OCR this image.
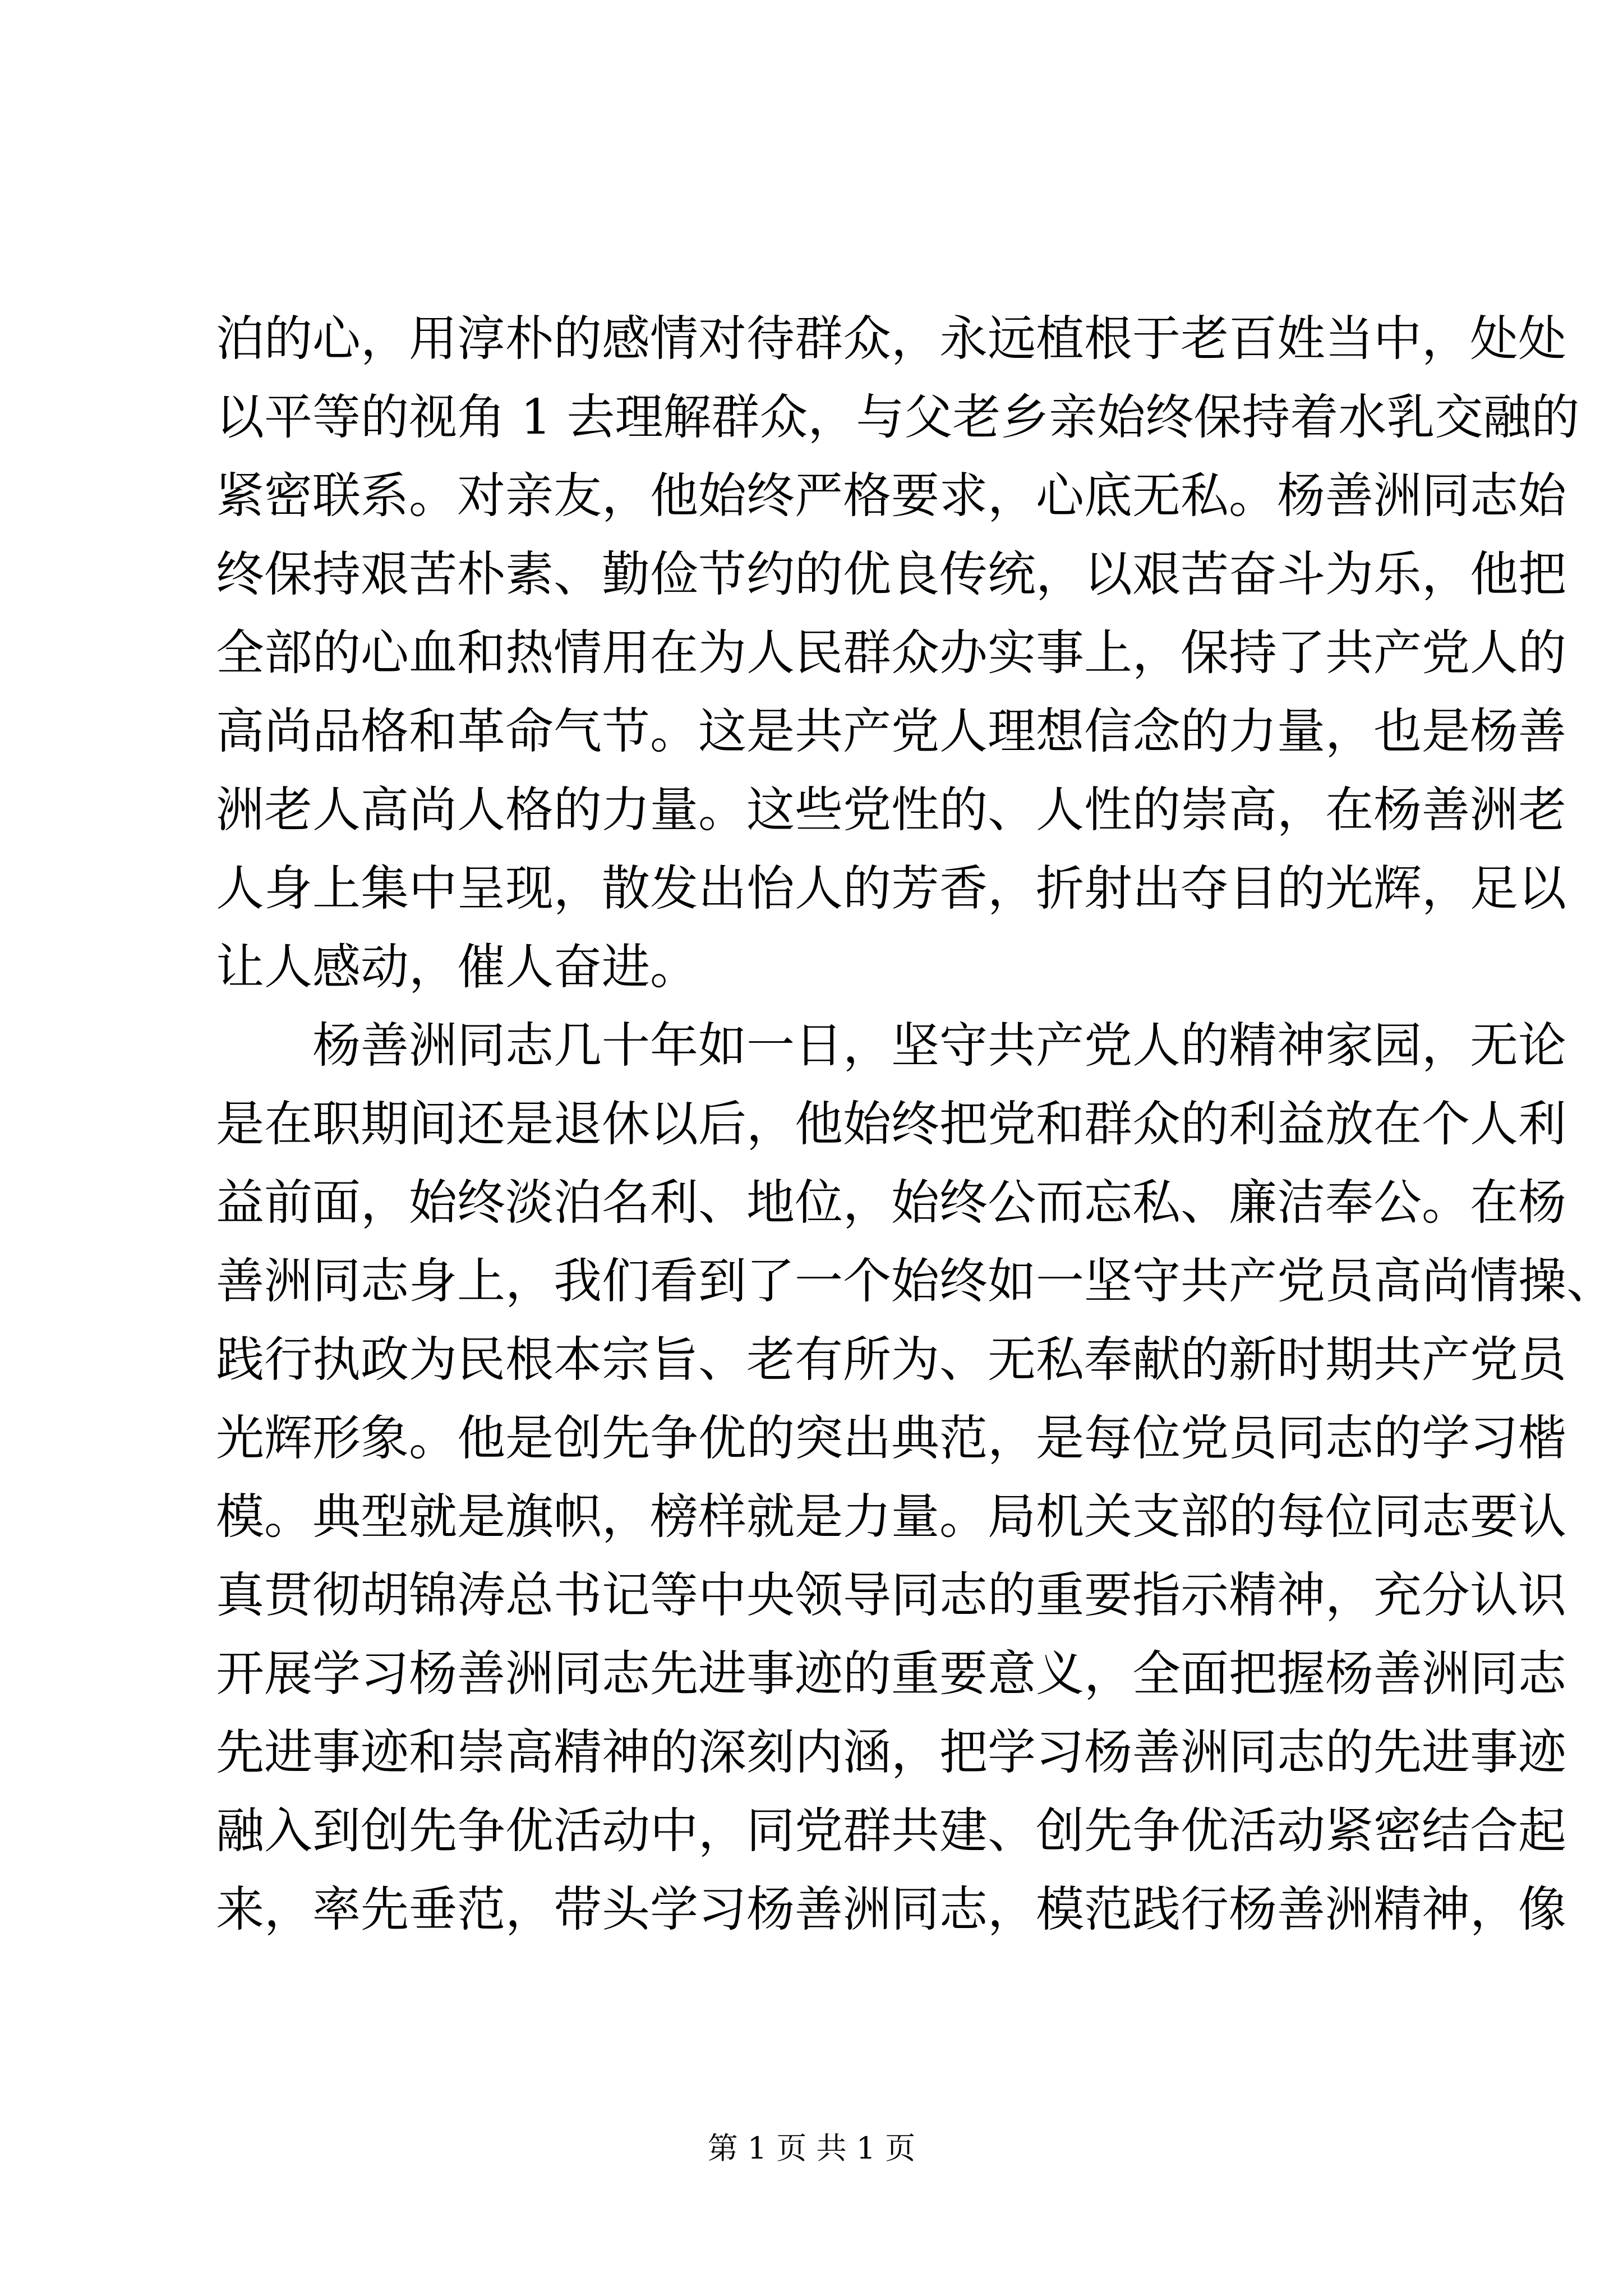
泊的心，用淳朴的感情对待群众，永远植根于老百姓当中，处处
以平等的视角 1 去理解群众，与父老乡亲始终保持着水乳交融的
紧密联系。对亲友，他始终严格要求，心底无私。杨善洲同志始
终保持艰苦朴素、勤俭节约的优良传统，以艰苦奋斗为乐，他把
全部的心血和热情用在为人民群众办实事上，保持了共产党人的
高尚品格和革命气节。这是共产党人理想信念的力量，也是杨善
洲老人高尚人格的力量。这些党性的、人性的崇高，在杨善洲老
人身上集中呈现，散发出怡人的芳香，折射出夺目的光辉，足以
让人感动，催人奋进。
杨善洲同志几十年如一日，坚守共产党人的精神家园，无论
是在职期间还是退休以后，他始终把党和群众的利益放在个人利
益前面，始终淡泊名利、地位，始终公而忘私、廉洁奉公。在杨
善洲同志身上，我们看到了一个始终如一坚守共产党员高尚情操、
践行执政为民根本宗旨、老有所为、无私奉献的新时期共产党员
光辉形象。他是创先争优的突出典范，是每位党员同志的学习楷
模。典型就是旗帜，榜样就是力量。局机关支部的每位同志要认
真贯彻胡锦涛总书记等中央领导同志的重要指示精神，充分认识
开展学习杨善洲同志先进事迹的重要意义，全面把握杨善洲同志
先进事迹和崇高精神的深刻内涵，把学习杨善洲同志的先进事迹
融入到创先争优活动中，同党群共建、创先争优活动紧密结合起
来，率先垂范，带头学习杨善洲同志，模范践行杨善洲精神，像
第 1 页 共 1 页
